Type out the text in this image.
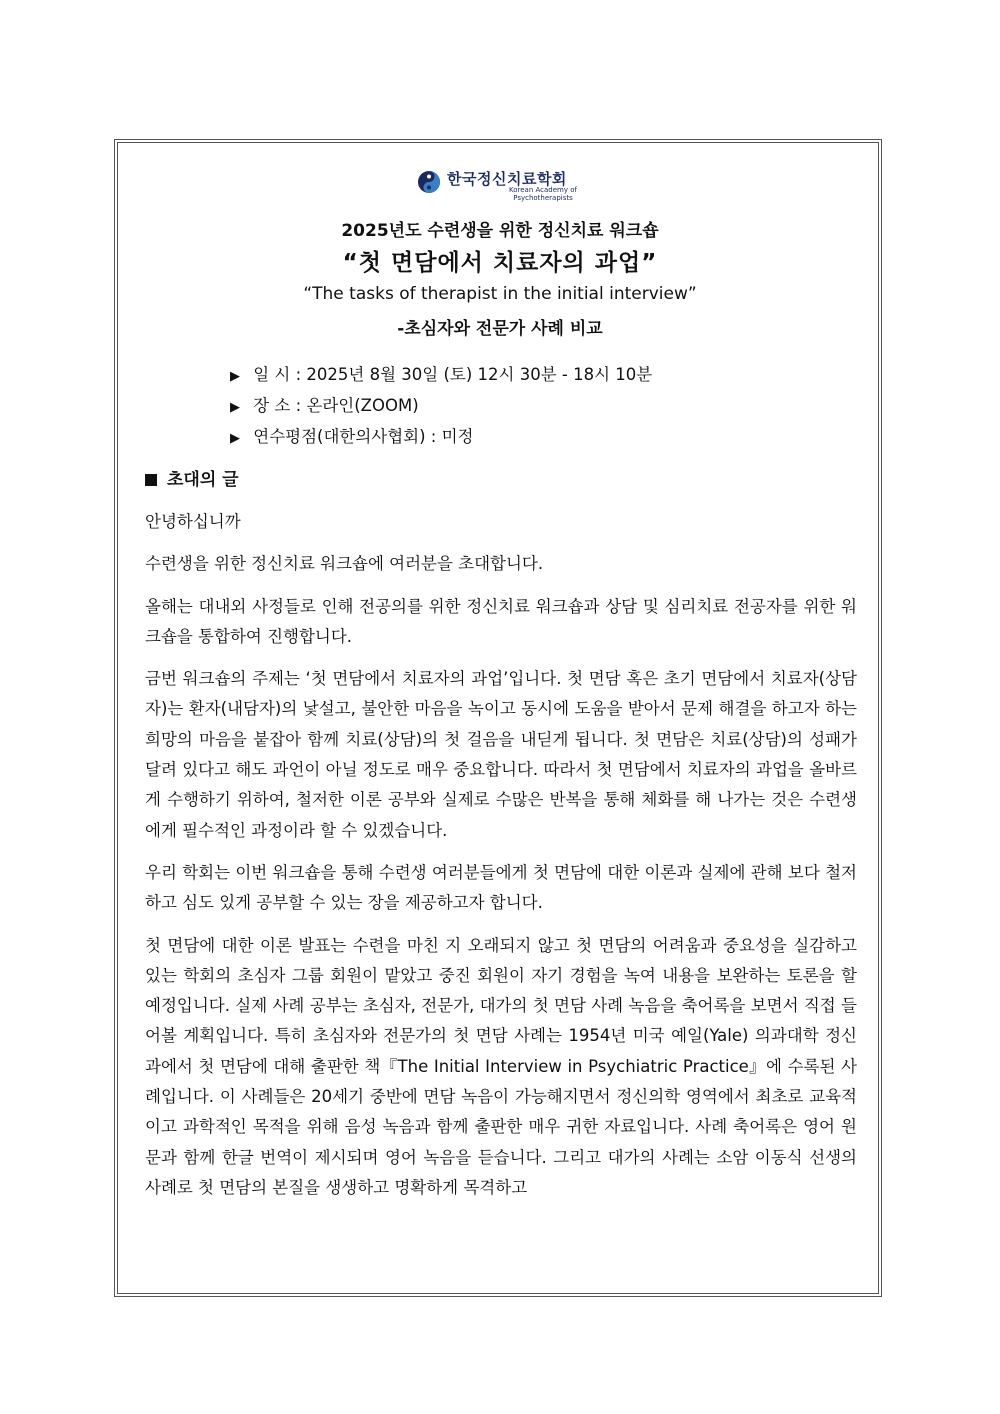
한국정신치료학회
Korean Academy of
Psychotherapists
2025년도 수련생을 위한 정신치료 워크숍
“첫 면담에서 치료자의 과업”
“The tasks of therapist in the initial interview”
-초심자와 전문가 사례 비교
▶ 일 시 : 2025년 8월 30일 (토) 12시 30분 - 18시 10분
▶ 장 소 : 온라인(ZOOM)
▶ 연수평점(대한의사협회) : 미정
초대의 글

안녕하십니까

수련생을 위한 정신치료 워크숍에 여러분을 초대합니다.

올해는 대내외 사정들로 인해 전공의를 위한 정신치료 워크숍과 상담 및 심리치료 전공자를 위한 워크숍을 통합하여 진행합니다.

금번 워크숍의 주제는 ‘첫 면담에서 치료자의 과업’입니다. 첫 면담 혹은 초기 면담에서 치료자(상담자)는 환자(내담자)의 낯설고, 불안한 마음을 녹이고 동시에 도움을 받아서 문제 해결을 하고자 하는 희망의 마음을 붙잡아 함께 치료(상담)의 첫 걸음을 내딛게 됩니다. 첫 면담은 치료(상담)의 성패가 달려 있다고 해도 과언이 아닐 정도로 매우 중요합니다. 따라서 첫 면담에서 치료자의 과업을 올바르게 수행하기 위하여, 철저한 이론 공부와 실제로 수많은 반복을 통해 체화를 해 나가는 것은 수련생에게 필수적인 과정이라 할 수 있겠습니다.

우리 학회는 이번 워크숍을 통해 수련생 여러분들에게 첫 면담에 대한 이론과 실제에 관해 보다 철저하고 심도 있게 공부할 수 있는 장을 제공하고자 합니다.

첫 면담에 대한 이론 발표는 수련을 마친 지 오래되지 않고 첫 면담의 어려움과 중요성을 실감하고 있는 학회의 초심자 그룹 회원이 맡았고 중진 회원이 자기 경험을 녹여 내용을 보완하는 토론을 할 예정입니다. 실제 사례 공부는 초심자, 전문가, 대가의 첫 면담 사례 녹음을 축어록을 보면서 직접 들어볼 계획입니다. 특히 초심자와 전문가의 첫 면담 사례는 1954년 미국 예일(Yale) 의과대학 정신과에서 첫 면담에 대해 출판한 책『The Initial Interview in Psychiatric Practice』에 수록된 사례입니다. 이 사례들은 20세기 중반에 면담 녹음이 가능해지면서 정신의학 영역에서 최초로 교육적이고 과학적인 목적을 위해 음성 녹음과 함께 출판한 매우 귀한 자료입니다. 사례 축어록은 영어 원문과 함께 한글 번역이 제시되며 영어 녹음을 듣습니다. 그리고 대가의 사례는 소암 이동식 선생의 사례로 첫 면담의 본질을 생생하고 명확하게 목격하고
